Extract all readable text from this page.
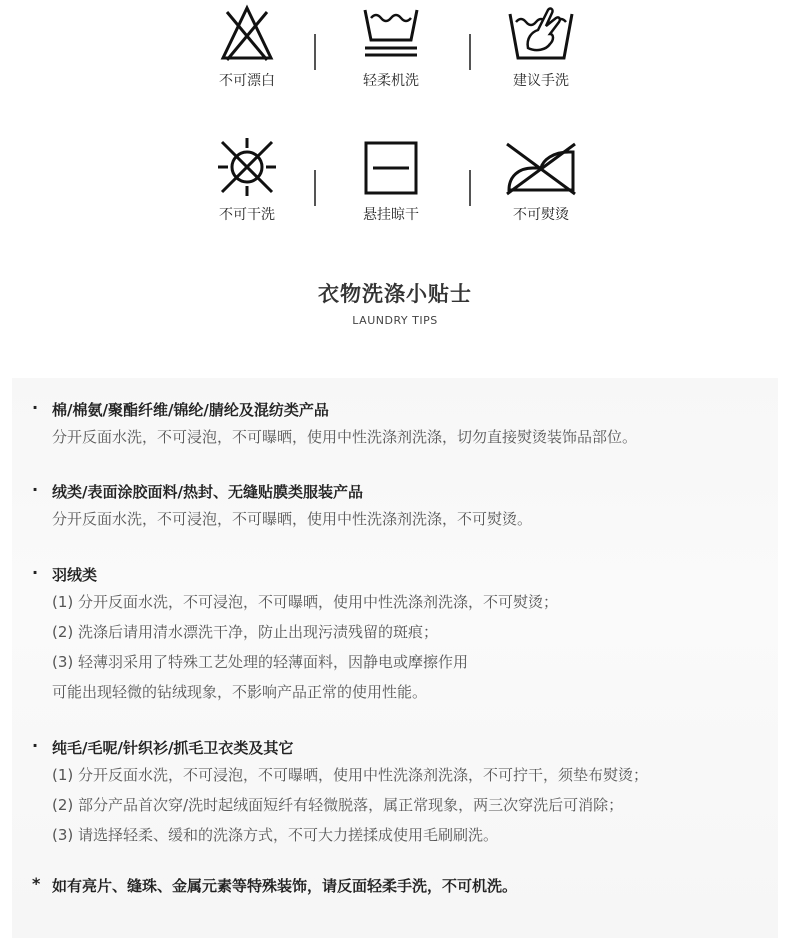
不可漂白	轻柔机洗	建议手洗
不可干洗	悬挂晾干	不可熨烫
衣物洗涤小贴士
LAUNDRY TIPS
· 棉/棉氨/聚酯纤维/锦纶/腈纶及混纺类产品

分开反面水洗，不可浸泡，不可曝晒，使用中性洗涤剂洗涤，切勿直接熨烫装饰品部位。

· 绒类/表面涂胶面料/热封、无缝贴膜类服装产品

分开反面水洗，不可浸泡，不可曝晒，使用中性洗涤剂洗涤，不可熨烫。

· 羽绒类

(1) 分开反面水洗，不可浸泡，不可曝晒，使用中性洗涤剂洗涤，不可熨烫；

(2) 洗涤后请用清水漂洗干净，防止出现污渍残留的斑痕；

(3) 轻薄羽采用了特殊工艺处理的轻薄面料，因静电或摩擦作用

可能出现轻微的钻绒现象，不影响产品正常的使用性能。

· 纯毛/毛呢/针织衫/抓毛卫衣类及其它

(1) 分开反面水洗，不可浸泡，不可曝晒，使用中性洗涤剂洗涤，不可拧干，须垫布熨烫；

(2) 部分产品首次穿/洗时起绒面短纤有轻微脱落，属正常现象，两三次穿洗后可消除；

(3) 请选择轻柔、缓和的洗涤方式，不可大力搓揉成使用毛刷刷洗。

* 如有亮片、缝珠、金属元素等特殊装饰，请反面轻柔手洗，不可机洗。
